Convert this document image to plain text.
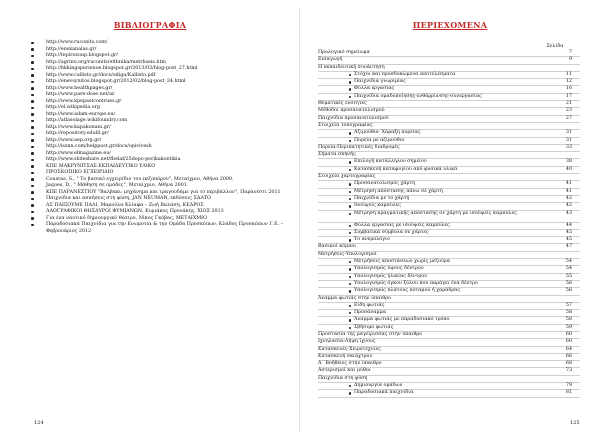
ΒΙΒΛΙΟΓΡΑΦΙΑ
http://www.ruconits.com/
http://enskanalas.gr/
http://tepirozoup.blogspot.gr/
http://agrino.org/ruconits/elthnika/metrhseis.htm
http://hkkingsperienoe.blogspot.gr/2013/03/blog-post_27.html
http://www.callisto.gr/docs/odiga/Kallisto.pdf
http://enevsynitos.blogspot.gr/2012/02/blog-post_24.html
http://www.healthpages.gr/
http://www.pare-dose.net/az
http://www.kpepastcontrues.gr
http://el.wikipedia.org
http://www.adam-europe.eu/
http://atlasolage.wikifoundry.com
http://www.kapakonani.gr/
http://repository.edulll.gr/
http://www.aep.org.gr/
http://issnn.com/helppost.gr/docs/opivivesh
http://www.elmagazine.eu/
http://www.slideshare.net/fbelaf/25dopo-porikakontikia
ΚΠΕ ΜΑΚΡΥΝΙΤΣΑΣ-ΕΚΠΑΙΔΕΥΤΙΚΟ ΥΛΙΚΟ
ΠΡΟΣΚΟΠΙΚΟ ΕΓΧΕΙΡΙΔΙΟ
Cousras, S., " Το βασικό εγχειρίδιο του πεζοπόρου", Μεταίχμιο, Αθήνα 2000.
Jaques, D., " Μάθηση σε ομάδες", Μεταίχμιο, Αθήνα 2001.
ΚΠΕ ΠΑΡΑΝΕΣΤΙΟΥ "Βαλβακι: μηχάνημα και τραγουδάμε για το περιβάλλον", Παρανέστι 2011
Παιχνίδια και ασκήσεις στη φύση, JAN NEUMAN, εκδόσεις ΣΑΛΤΟ
ΑΣ ΠΑΙΞΟΥΜΕ ΠΑΛΙ, Μαρούλα Κλίαφα – Ζωή Βαλάση, ΚΕΔΡΟΣ
ΛΑΟΓΡΑΦΙΚΟΙ ΘΗΣΑΥΡΟΙ ΦΥΜΙΑΝΩΝ, Κυριάκος Προυάκης, ΧΙΟΣ 2013
Για ένα ναυτικό δημιουργικό θέατρο, Νίκος Γκόβας, ΜΕΤΑΙΧΜΙΟ
Παραδοσιακά Παιχνίδια για την Ενωμοτία & την Ομάδα Προσκόπων, Κλάδος Προσκόπων Γ.Ε. – Φεβρουάριος 2012
124
ΠΕΡΙΕΧΟΜΕΝΑ
Σελίδα
Προλογικό σημείωμα	7
Εισαγωγή	9
Η εκπαιδευτική συνάντηση
Στόχοι και προσδοκώμενα αποτελέσματα	11
Παιχνίδια γνωριμίας	12
Φύλλα εργασίας	16
Παιχνίδια ομαδοποίησης-ενθάρρυνσης-συνεργασίας	17
Θεματικές ενότητες	21
Μέθοδοι προσανατολισμού	23
Παιχνίδια προσανατολισμού	27
Στοιχεία τοπογραφίας
Αζιμούθιο- Χάραξη πορείας	31
Πορεία με αζιμούθιο	31
Πορεία-Περιπατητικές διαδρομές	33
Σήματα σκηνής
Επιλογή κατάλληλου σημείου	38
Κατασκευή καταφυγίου από φυσικά υλικά	40
Στοιχεία χαρτογραφίας
Προσανατολισμός χάρτη	41
Μέτρηση απόστασης πάνω σε χάρτη	41
Παιχνίδια με το χάρτη	42
Ισοϋψείς καμπύλες	42
Μέτρηση πραγματικής απόστασης σε χάρτη με ισοϋψείς καμπύλες	43
Φύλλα εργασίας με ισοϋψείς καμπύλες	44
Συμβατικά σύμβολα σε χάρτες	45
Το ανεμολόγιο	45
Βασικοί κόμποι	47
Μετρήσεις-Υπολογισμοί
Μετρήσεις αποστάσεων χωρίς μεζούρα	54
Υπολογισμός ύψους δέντρου	54
Υπολογισμός ηλικίας δέντρου	55
Υπολογισμός όγκου ξύλου που παράγει ένα δέντρο	56
Υπολογισμός πλάτους ποταμού ή χαράδρας	56
Άναμμα φωτιάς στην ύπαιθρο
Είδη φωτιάς	57
Προσάναμμα	58
Άναμμα φωτιάς με παραδοσιακό τρόπο	58
Σβήσιμο φωτιάς	59
Προστασία της μαγείρισσας στην ύπαιθρο	60
Ιχνηλασία-Λήψη ίχνους	60
Κατασκευές-Χειροτεχνίες	64
Κατασκευή σκιάχτρου	66
Α΄ Βοήθειες στην ύπαιθρο	68
Αστερισμοί και μύθοι	73
Παιχνίδια στη φύση
Δημιουργία ομάδων	79
Παραδοσιακά παιχνίδια	81
125
